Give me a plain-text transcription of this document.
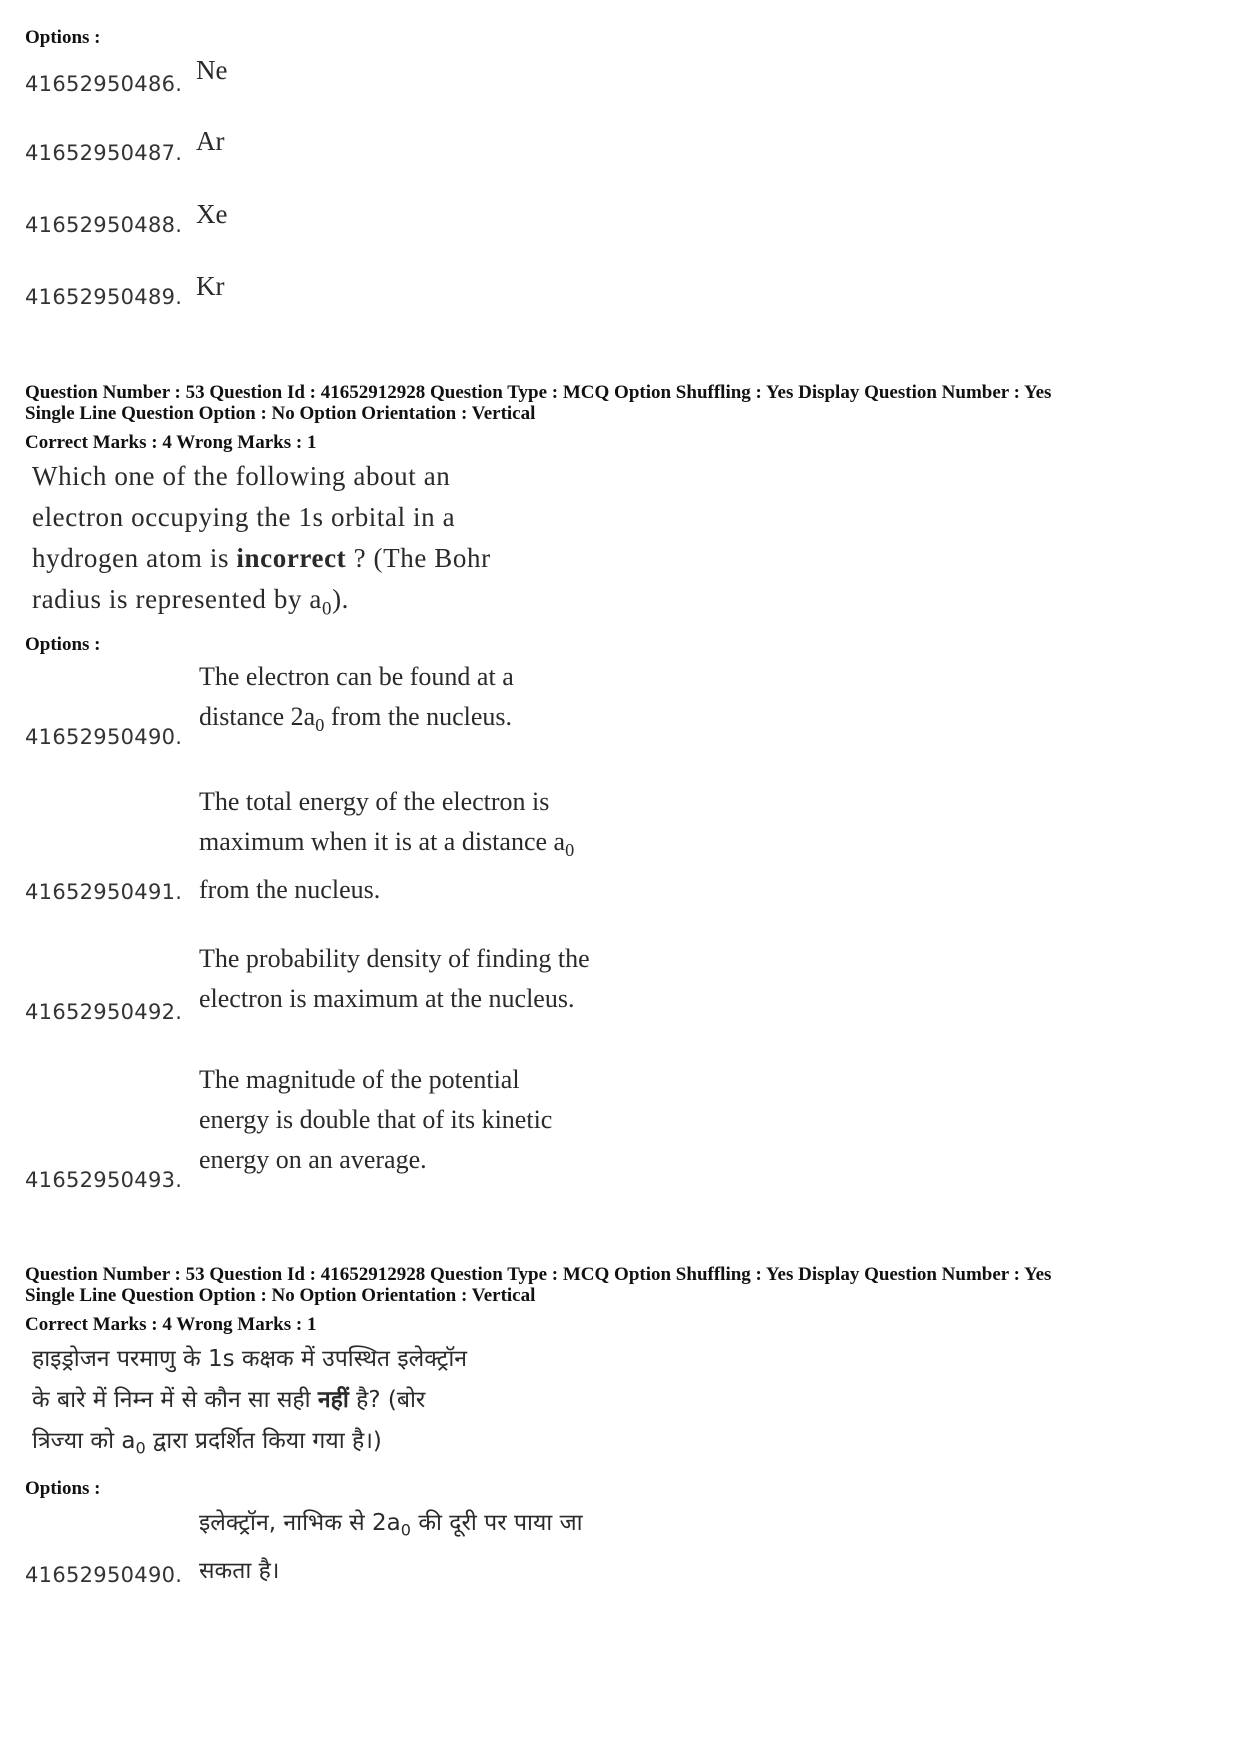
Options :
41652950486. Ne
41652950487. Ar
41652950488. Xe
41652950489. Kr
Question Number : 53 Question Id : 41652912928 Question Type : MCQ Option Shuffling : Yes Display Question Number : Yes
Single Line Question Option : No Option Orientation : Vertical
Correct Marks : 4 Wrong Marks : 1
Which one of the following about an
electron occupying the 1s orbital in a
hydrogen atom is incorrect ? (The Bohr
radius is represented by $a_0$).
Options :
The electron can be found at a
distance $2a_0$ from the nucleus.
41652950490.
The total energy of the electron is
maximum when it is at a distance $a_0$
from the nucleus.
41652950491.
The probability density of finding the
electron is maximum at the nucleus.
41652950492.
The magnitude of the potential
energy is double that of its kinetic
energy on an average.
41652950493.
Question Number : 53 Question Id : 41652912928 Question Type : MCQ Option Shuffling : Yes Display Question Number : Yes
Single Line Question Option : No Option Orientation : Vertical
Correct Marks : 4 Wrong Marks : 1
हाइड्रोजन परमाणु के 1s कक्षक में उपस्थित इलेक्ट्रॉन
के बारे में निम्न में से कौन सा सही नहीं है? (बोर
त्रिज्या को $a_0$ द्वारा प्रदर्शित किया गया है।)
Options :
इलेक्ट्रॉन, नाभिक से $2a_0$ की दूरी पर पाया जा
सकता है।
41652950490.
